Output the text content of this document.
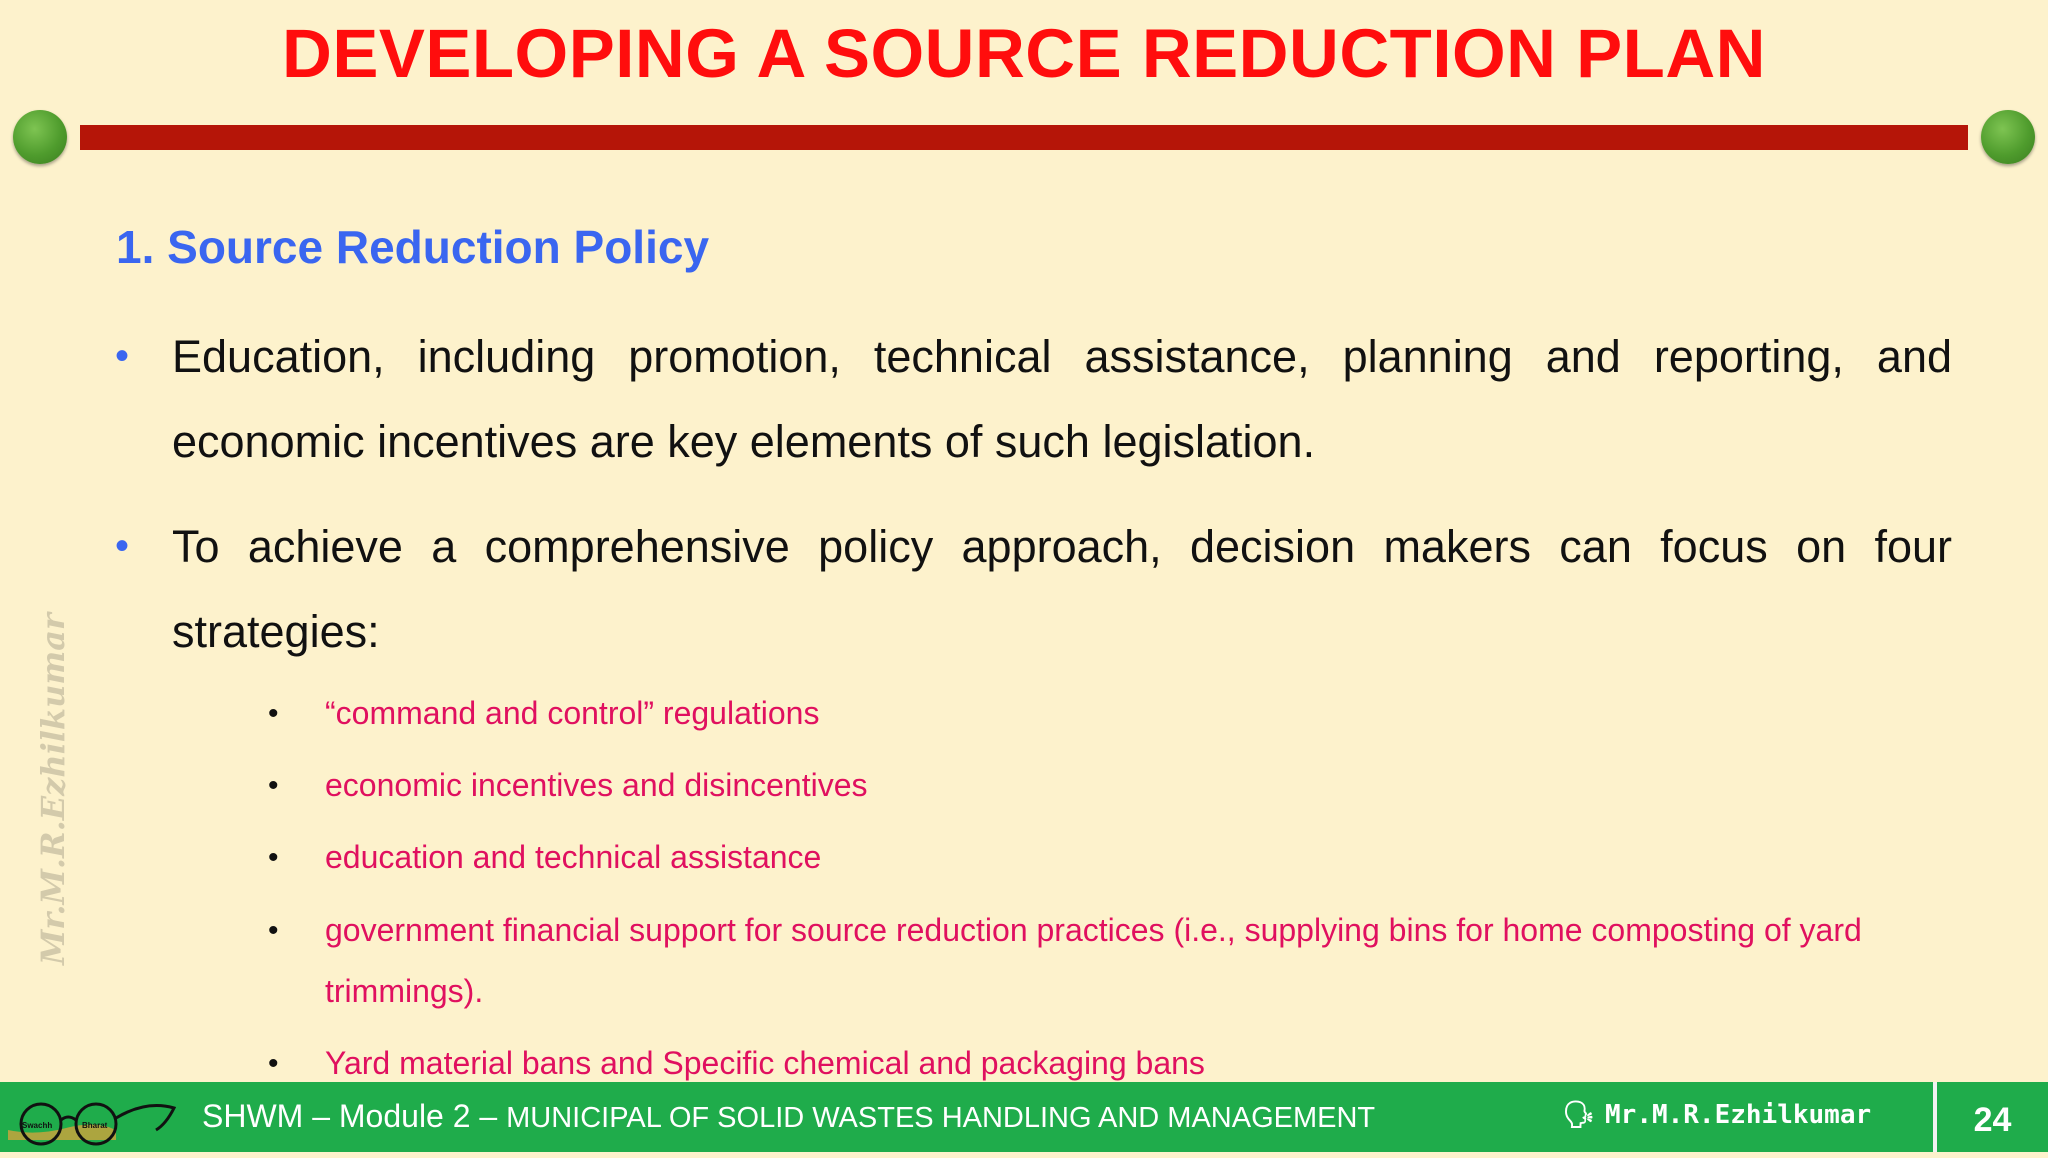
DEVELOPING A SOURCE REDUCTION PLAN
1. Source Reduction Policy

• Education, including promotion, technical assistance, planning and reporting, and economic incentives are key elements of such legislation.

• To achieve a comprehensive policy approach, decision makers can focus on four strategies:

• “command and control” regulations

• economic incentives and disincentives

• education and technical assistance

• government financial support for source reduction practices (i.e., supplying bins for home composting of yard trimmings).

• Yard material bans and Specific chemical and packaging bans

Mr.M.R.Ezhilkumar
Swachh	Bharat	SHWM – Module 2 – MUNICIPAL OF SOLID WASTES HANDLING AND MANAGEMENT	🗣 Mr.M.R.Ezhilkumar	24
